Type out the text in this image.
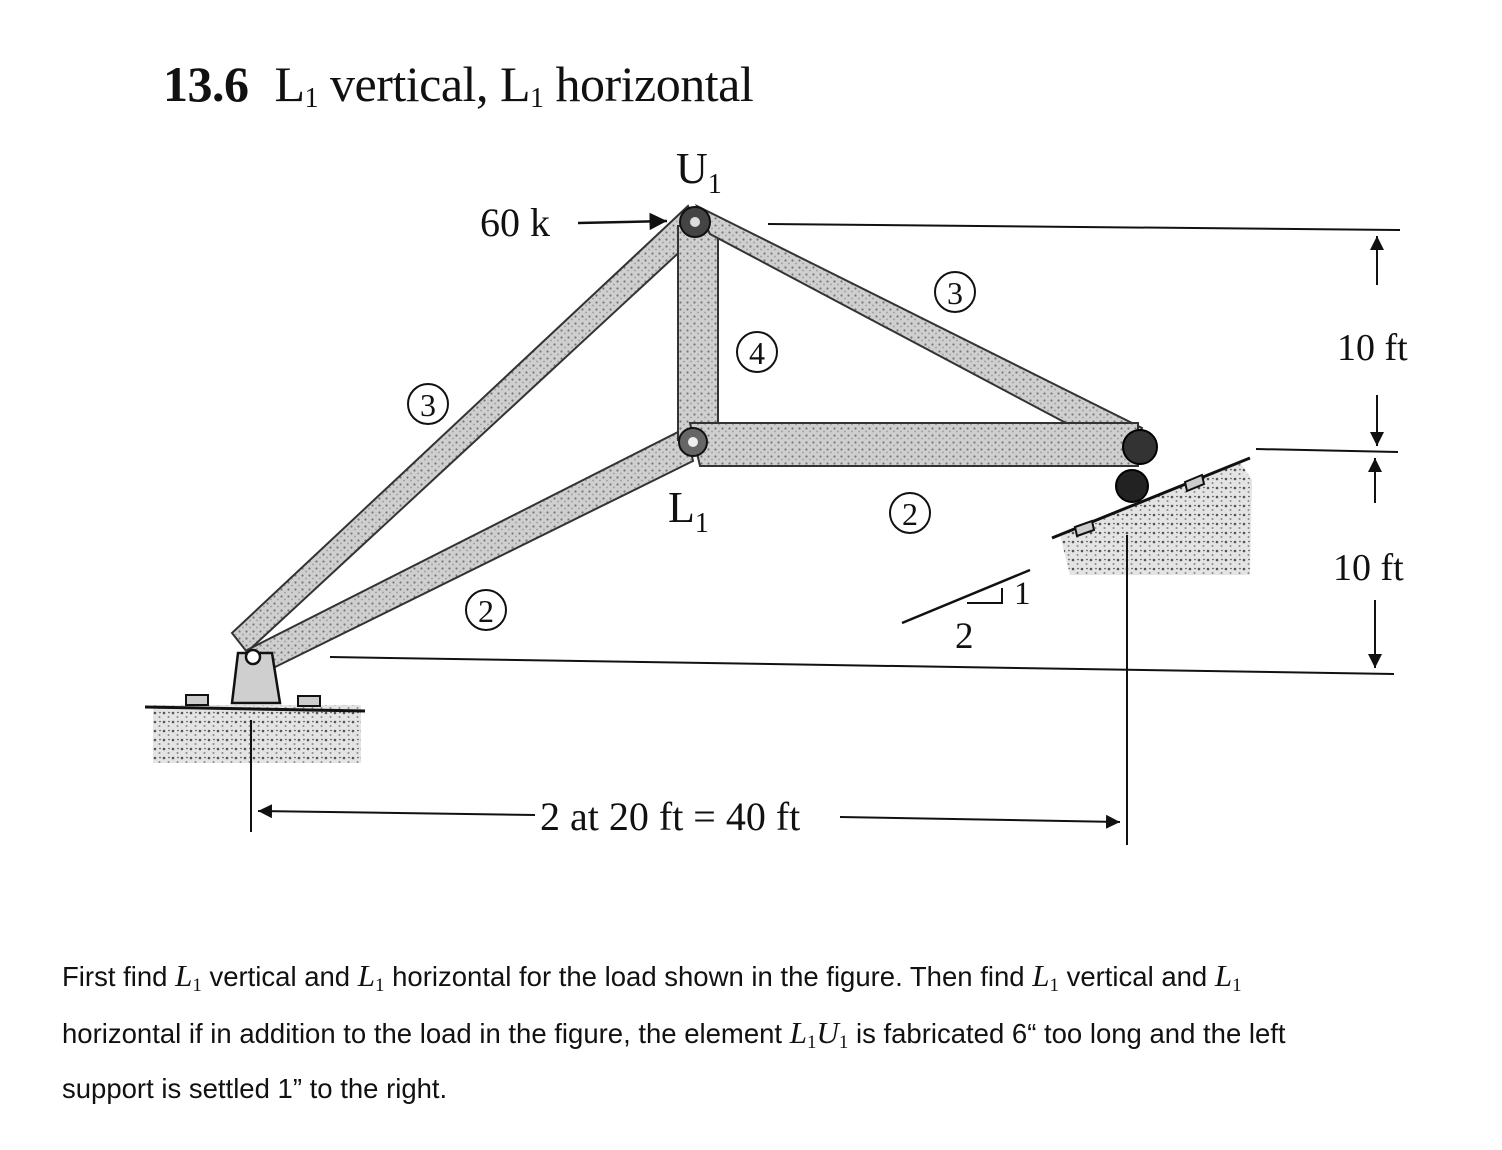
13.6 $L_1$ vertical, $L_1$ horizontal
2
1
3
2
4
3
2
60 k
$U_1$
$L_1$
10 ft
10 ft
2 at 20 ft = 40 ft

First find $L_1$ vertical and $L_1$ horizontal for the load shown in the figure. Then find $L_1$ vertical and $L_1$

horizontal if in addition to the load in the figure, the element $L_1U_1$ is fabricated 6“ too long and the left

support is settled 1” to the right.
